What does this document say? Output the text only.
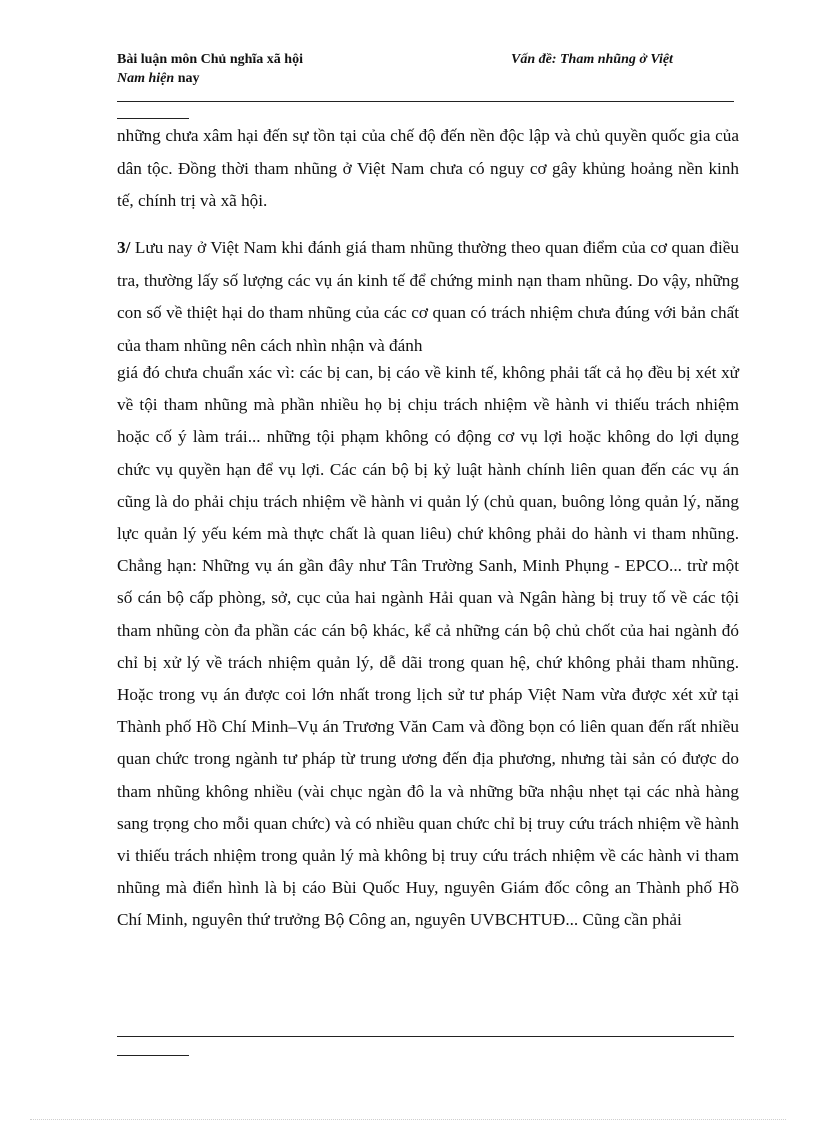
Bài luận môn Chủ nghĩa xã hội	Vấn đề: Tham nhũng ở Việt
Nam hiện nay
những chưa xâm hại đến sự tồn tại của chế độ đến nền độc lập và chủ quyền quốc gia của dân tộc. Đồng thời tham nhũng ở Việt Nam chưa có nguy cơ gây khủng hoảng nền kinh tế, chính trị và xã hội.
3/ Lưu nay ở Việt Nam khi đánh giá tham nhũng thường theo quan điểm của cơ quan điều tra, thường lấy số lượng các vụ án kinh tế để chứng minh nạn tham nhũng. Do vậy, những con số về thiệt hại do tham nhũng của các cơ quan có trách nhiệm chưa đúng với bản chất của tham nhũng nên cách nhìn nhận và đánh
giá đó chưa chuẩn xác vì: các bị can, bị cáo về kinh tế, không phải tất cả họ đều bị xét xử về tội tham nhũng mà phần nhiều họ bị chịu trách nhiệm về hành vi thiếu trách nhiệm hoặc cố ý làm trái... những tội phạm không có động cơ vụ lợi hoặc không do lợi dụng chức vụ quyền hạn để vụ lợi. Các cán bộ bị kỷ luật hành chính liên quan đến các vụ án cũng là do phải chịu trách nhiệm về hành vi quản lý (chủ quan, buông lỏng quản lý, năng lực quản lý yếu kém mà thực chất là quan liêu) chứ không phải do hành vi tham nhũng. Chẳng hạn: Những vụ án gần đây như Tân Trường Sanh, Minh Phụng - EPCO... trừ một số cán bộ cấp phòng, sở, cục của hai ngành Hải quan và Ngân hàng bị truy tố về các tội tham nhũng còn đa phần các cán bộ khác, kể cả những cán bộ chủ chốt của hai ngành đó chỉ bị xử lý về trách nhiệm quản lý, dễ dãi trong quan hệ, chứ không phải tham nhũng. Hoặc trong vụ án được coi lớn nhất trong lịch sử tư pháp Việt Nam vừa được xét xử tại Thành phố Hồ Chí Minh–Vụ án Trương Văn Cam và đồng bọn có liên quan đến rất nhiều quan chức trong ngành tư pháp từ trung ương đến địa phương, nhưng tài sản có được do tham nhũng không nhiều (vài chục ngàn đô la và những bữa nhậu nhẹt tại các nhà hàng sang trọng cho mỗi quan chức) và có nhiều quan chức chỉ bị truy cứu trách nhiệm về hành vi thiếu trách nhiệm trong quản lý mà không bị truy cứu trách nhiệm về các hành vi tham nhũng mà điển hình là bị cáo Bùi Quốc Huy, nguyên Giám đốc công an Thành phố Hồ Chí Minh, nguyên thứ trưởng Bộ Công an, nguyên UVBCHTUĐ... Cũng cần phải
